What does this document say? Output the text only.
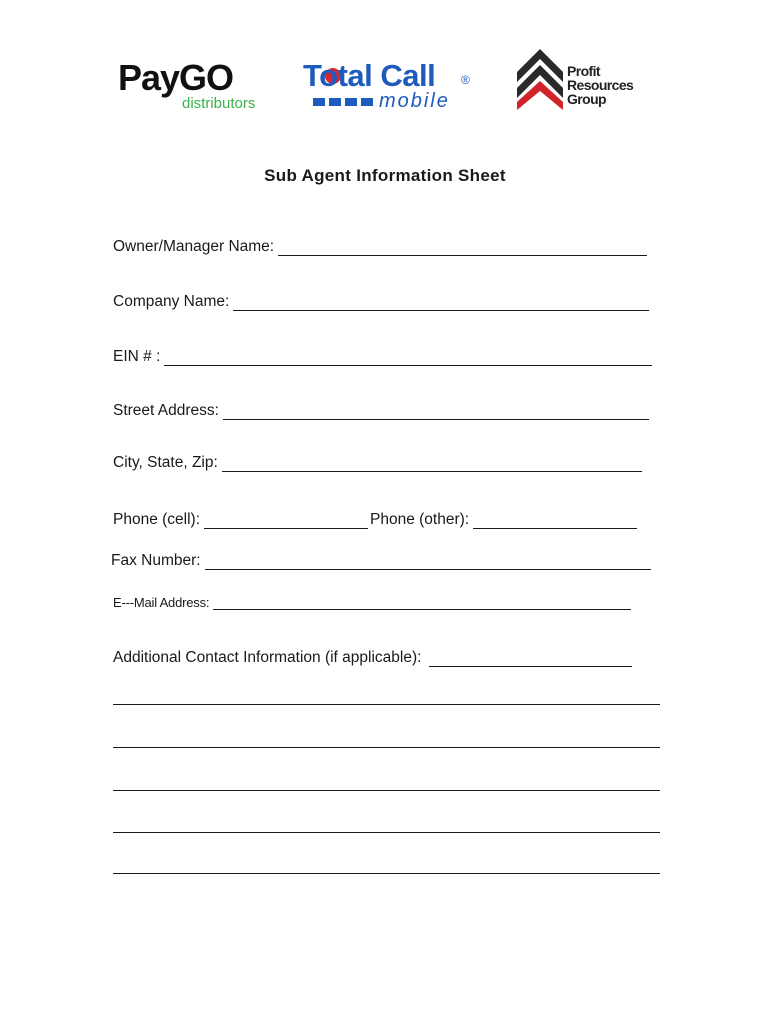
PayGO
distributors
Total Call ®
mobile
Profit
Resources
Group
Sub Agent Information Sheet
Owner/Manager Name:
Company Name:
EIN # :
Street Address:
City, State, Zip:
Phone (cell):	Phone (other):
Fax Number:
E---Mail Address:
Additional Contact Information (if applicable):
